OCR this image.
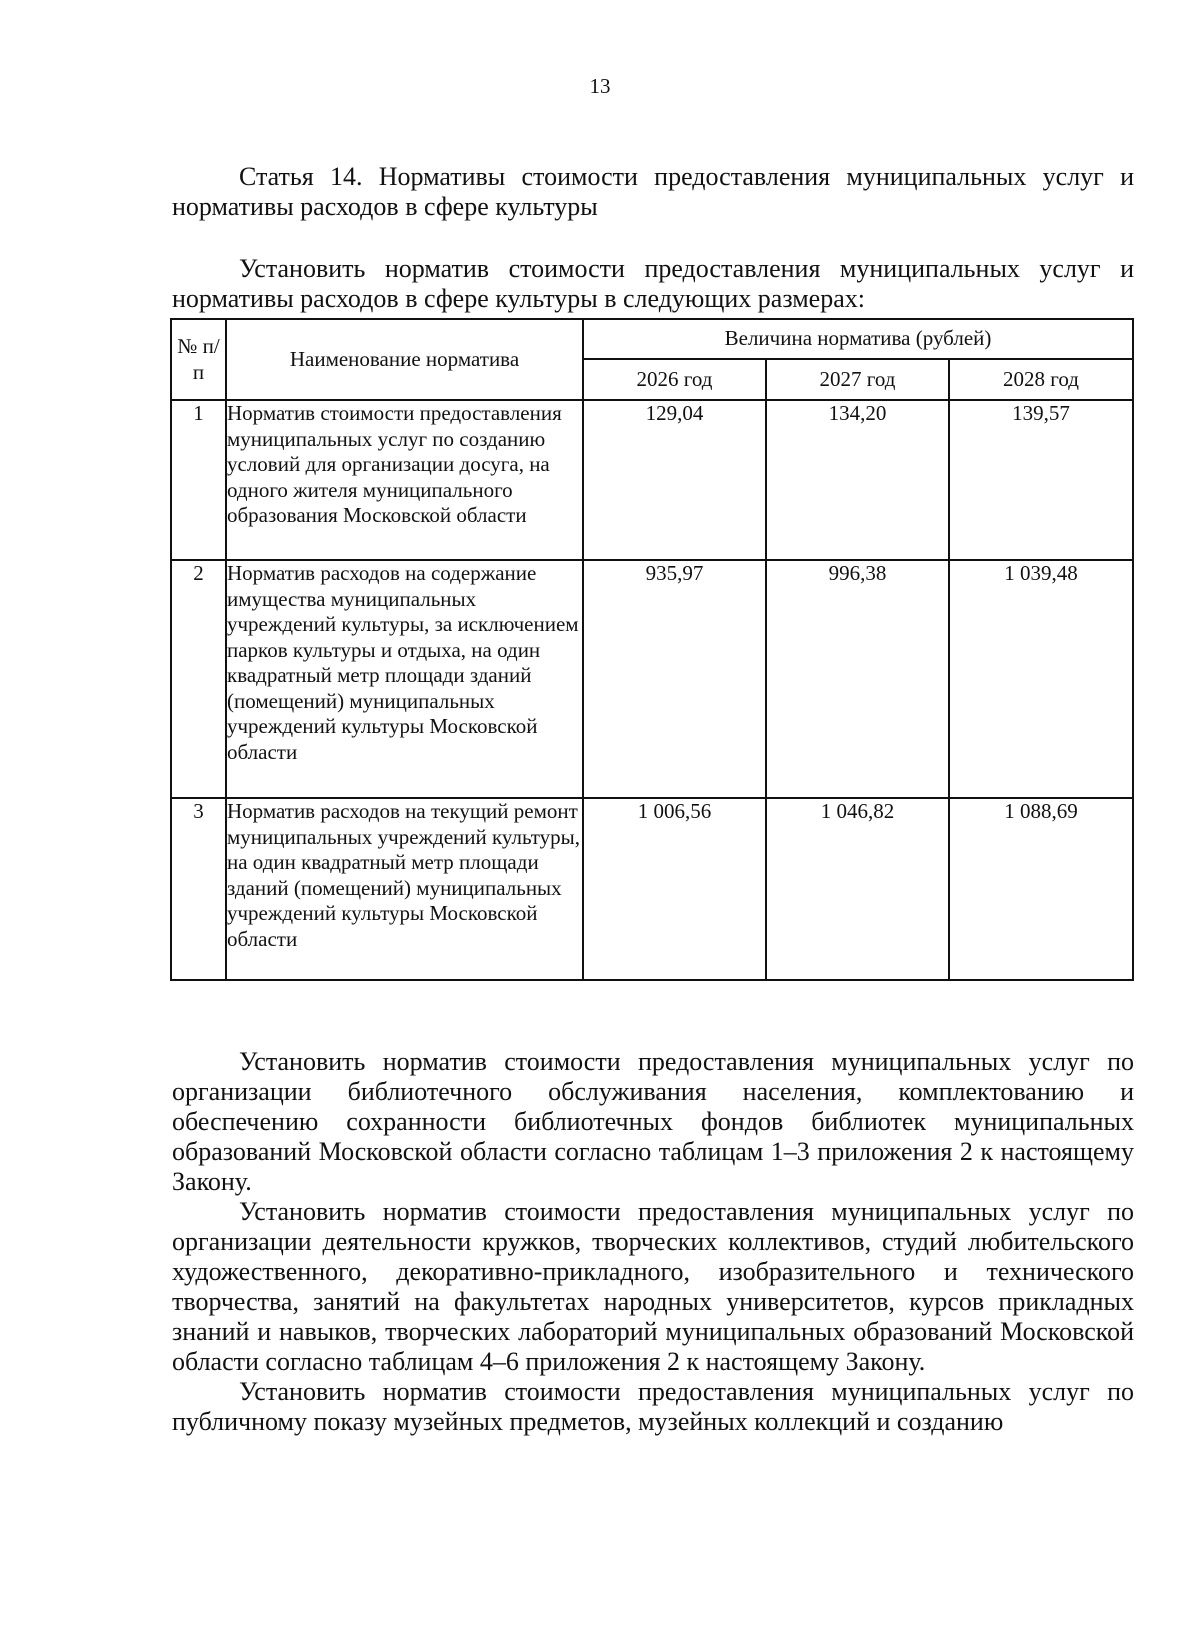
13
Статья 14. Нормативы стоимости предоставления муниципальных услуг и нормативы расходов в сфере культуры
Установить норматив стоимости предоставления муниципальных услуг и нормативы расходов в сфере культуры в следующих размерах:
№ п/п	Наименование норматива	Величина норматива (рублей)		
		2026 год	2027 год	2028 год
1	Норматив стоимости предоставления муниципальных услуг по созданию условий для организации досуга, на одного жителя муниципального образования Московской области	129,04	134,20	139,57
2	Норматив расходов на содержание имущества муниципальных учреждений культуры, за исключением парков культуры и отдыха, на один квадратный метр площади зданий (помещений) муниципальных учреждений культуры Московской области	935,97	996,38	1 039,48
3	Норматив расходов на текущий ремонт муниципальных учреждений культуры, на один квадратный метр площади зданий (помещений) муниципальных учреждений культуры Московской области	1 006,56	1 046,82	1 088,69

Установить норматив стоимости предоставления муниципальных услуг по организации библиотечного обслуживания населения, комплектованию и обеспечению сохранности библиотечных фондов библиотек муниципальных образований Московской области согласно таблицам 1–3 приложения 2 к настоящему Закону.

Установить норматив стоимости предоставления муниципальных услуг по организации деятельности кружков, творческих коллективов, студий любительского художественного, декоративно-прикладного, изобразительного и технического творчества, занятий на факультетах народных университетов, курсов прикладных знаний и навыков, творческих лабораторий муниципальных образований Московской области согласно таблицам 4–6 приложения 2 к настоящему Закону.

Установить норматив стоимости предоставления муниципальных услуг по публичному показу музейных предметов, музейных коллекций и созданию
